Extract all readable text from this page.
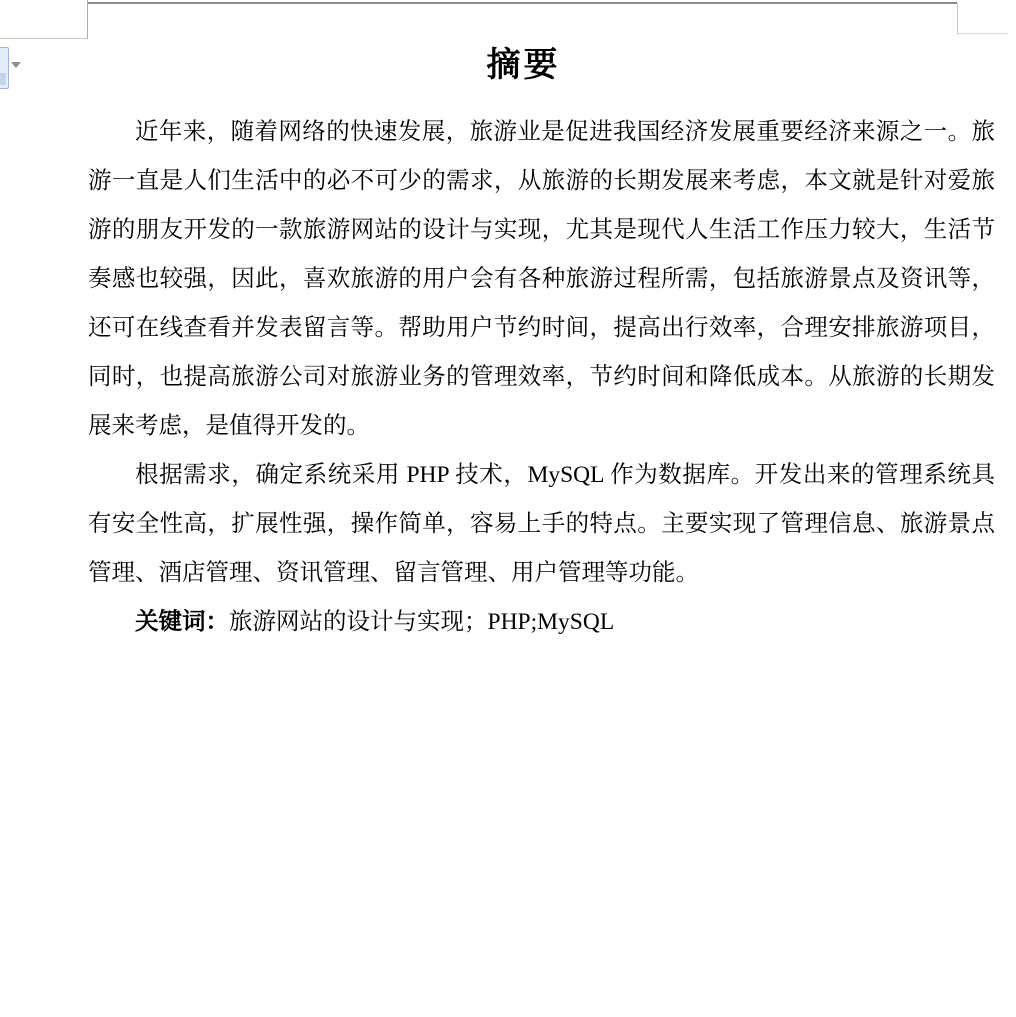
摘要

近年来，随着网络的快速发展，旅游业是促进我国经济发展重要经济来源之一。旅游一直是人们生活中的必不可少的需求，从旅游的长期发展来考虑，本文就是针对爱旅游的朋友开发的一款旅游网站的设计与实现，尤其是现代人生活工作压力较大，生活节奏感也较强，因此，喜欢旅游的用户会有各种旅游过程所需，包括旅游景点及资讯等，还可在线查看并发表留言等。帮助用户节约时间，提高出行效率，合理安排旅游项目，同时，也提高旅游公司对旅游业务的管理效率，节约时间和降低成本。从旅游的长期发展来考虑，是值得开发的。

根据需求，确定系统采用 PHP 技术，MySQL 作为数据库。开发出来的管理系统具有安全性高，扩展性强，操作简单，容易上手的特点。主要实现了管理信息、旅游景点管理、酒店管理、资讯管理、留言管理、用户管理等功能。

关键词：旅游网站的设计与实现；PHP;MySQL
